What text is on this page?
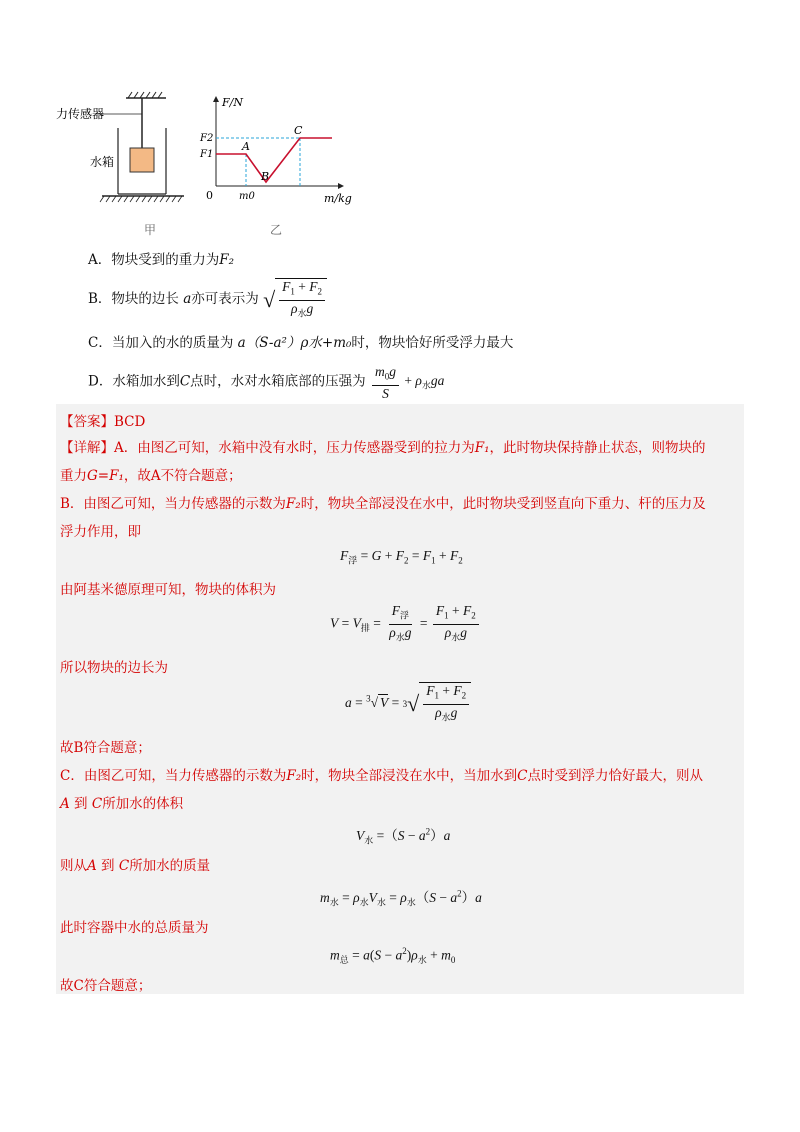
力传感器
水箱
甲
F/N
m/kg
0
F1
F2
m0
A
B
C
乙
A．物块受到的重力为F₂
B．物块的边长 a亦可表示为 √ $\frac{F_1 + F_2}{\rho_水g}$
C．当加入的水的质量为 a（S-a²）ρ水+m₀时，物块恰好所受浮力最大
D．水箱加水到C点时，水对水箱底部的压强为 $\frac{m_0g}{S} + \rho_水ga$
【答案】BCD
【详解】A．由图乙可知，水箱中没有水时，压力传感器受到的拉力为F₁，此时物块保持静止状态，则物块的
重力G=F₁，故A不符合题意；
B．由图乙可知，当力传感器的示数为F₂时，物块全部浸没在水中，此时物块受到竖直向下重力、杆的压力及
浮力作用，即
$F_浮 = G + F_2 = F_1 + F_2$
由阿基米德原理可知，物块的体积为
$V = V_排 = \frac{F_浮}{\rho_水g} = \frac{F_1 + F_2}{\rho_水g}$
所以物块的边长为
a = $^3$√ V = 3 √ $\frac{F_1 + F_2}{\rho_水g}$
故B符合题意；
C．由图乙可知，当力传感器的示数为F₂时，物块全部浸没在水中，当加水到C点时受到浮力恰好最大，则从
A 到 C所加水的体积
$V_水 =(S - a^2)a$
则从A 到 C所加水的质量
$m_水 = \rho_水V_水 = \rho_水(S - a^2)a$
此时容器中水的总质量为
$m_总 = a(S - a^2)\rho_水 + m_0$
故C符合题意；
